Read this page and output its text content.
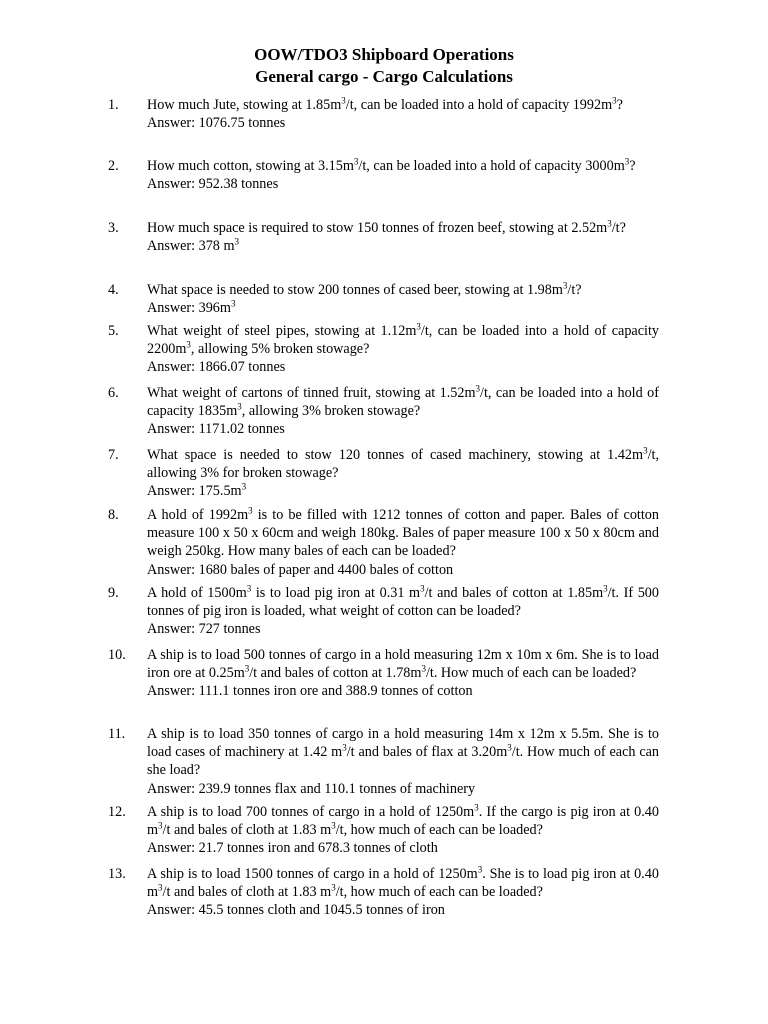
OOW/TDO3 Shipboard Operations
General cargo - Cargo Calculations
1.	How much Jute, stowing at $1.85m^3/t$, can be loaded into a hold of capacity $1992m^3$?

Answer: 1076.75 tonnes

2.	How much cotton, stowing at $3.15m^3/t$, can be loaded into a hold of capacity $3000m^3$?

Answer: 952.38 tonnes

3.	How much space is required to stow 150 tonnes of frozen beef, stowing at $2.52m^3/t$?

Answer: 378 $m^3$

4.	What space is needed to stow 200 tonnes of cased beer, stowing at $1.98m^3/t$?

Answer: $396m^3$

5.	What weight of steel pipes, stowing at $1.12m^3/t$, can be loaded into a hold of capacity $2200m^3$, allowing 5% broken stowage?

Answer: 1866.07 tonnes

6.	What weight of cartons of tinned fruit, stowing at $1.52m^3/t$, can be loaded into a hold of capacity $1835m^3$, allowing 3% broken stowage?

Answer: 1171.02 tonnes

7.	What space is needed to stow 120 tonnes of cased machinery, stowing at $1.42m^3/t$, allowing 3% for broken stowage?

Answer: $175.5m^3$

8.	A hold of $1992m^3$ is to be filled with 1212 tonnes of cotton and paper. Bales of cotton measure 100 x 50 x 60cm and weigh 180kg. Bales of paper measure 100 x 50 x 80cm and weigh 250kg. How many bales of each can be loaded?

Answer: 1680 bales of paper and 4400 bales of cotton

9.	A hold of $1500m^3$ is to load pig iron at 0.31 $m^3/t$ and bales of cotton at $1.85m^3/t$. If 500 tonnes of pig iron is loaded, what weight of cotton can be loaded?

Answer: 727 tonnes

10.	A ship is to load 500 tonnes of cargo in a hold measuring 12m x 10m x 6m. She is to load iron ore at $0.25m^3/t$ and bales of cotton at $1.78m^3/t$. How much of each can be loaded?

Answer: 111.1 tonnes iron ore and 388.9 tonnes of cotton

11.	A ship is to load 350 tonnes of cargo in a hold measuring 14m x 12m x 5.5m. She is to load cases of machinery at 1.42 $m^3/t$ and bales of flax at $3.20m^3/t$. How much of each can she load?

Answer: 239.9 tonnes flax and 110.1 tonnes of machinery

12.	A ship is to load 700 tonnes of cargo in a hold of $1250m^3$. If the cargo is pig iron at 0.40 $m^3/t$ and bales of cloth at 1.83 $m^3/t$, how much of each can be loaded?

Answer: 21.7 tonnes iron and 678.3 tonnes of cloth

13.	A ship is to load 1500 tonnes of cargo in a hold of $1250m^3$. She is to load pig iron at 0.40 $m^3/t$ and bales of cloth at 1.83 $m^3/t$, how much of each can be loaded?

Answer: 45.5 tonnes cloth and 1045.5 tonnes of iron
